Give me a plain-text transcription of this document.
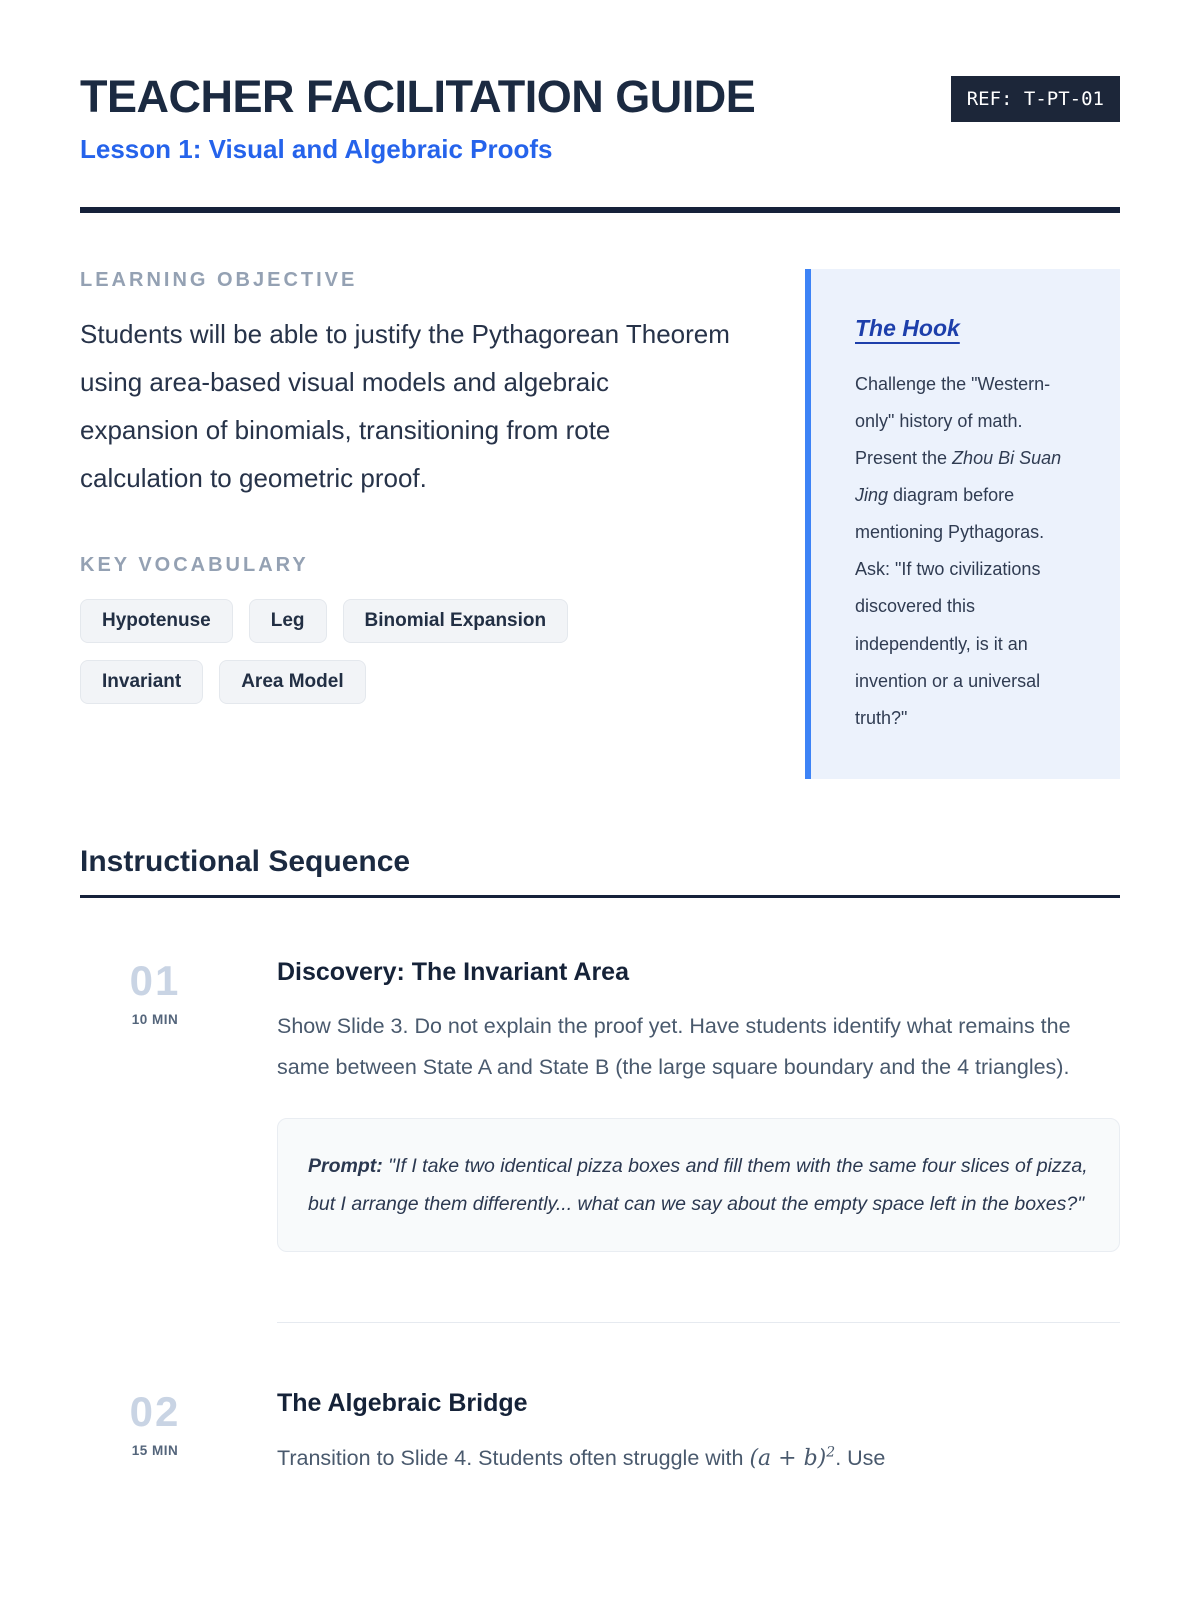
TEACHER FACILITATION GUIDE	REF: T-PT-01
Lesson 1: Visual and Algebraic Proofs
LEARNING OBJECTIVE

Students will be able to justify the Pythagorean Theorem using area-based visual models and algebraic expansion of binomials, transitioning from rote calculation to geometric proof.

KEY VOCABULARY
Hypotenuse	Leg	Binomial Expansion
Invariant	Area Model
The Hook

Challenge the "Western-only" history of math. Present the Zhou Bi Suan Jing diagram before mentioning Pythagoras. Ask: "If two civilizations discovered this independently, is it an invention or a universal truth?"

Instructional Sequence
01
10 MIN
Discovery: The Invariant Area

Show Slide 3. Do not explain the proof yet. Have students identify what remains the same between State A and State B (the large square boundary and the 4 triangles).

Prompt: "If I take two identical pizza boxes and fill them with the same four slices of pizza, but I arrange them differently... what can we say about the empty space left in the boxes?"
02
15 MIN
The Algebraic Bridge

Transition to Slide 4. Students often struggle with $(a + b)^2$. Use
